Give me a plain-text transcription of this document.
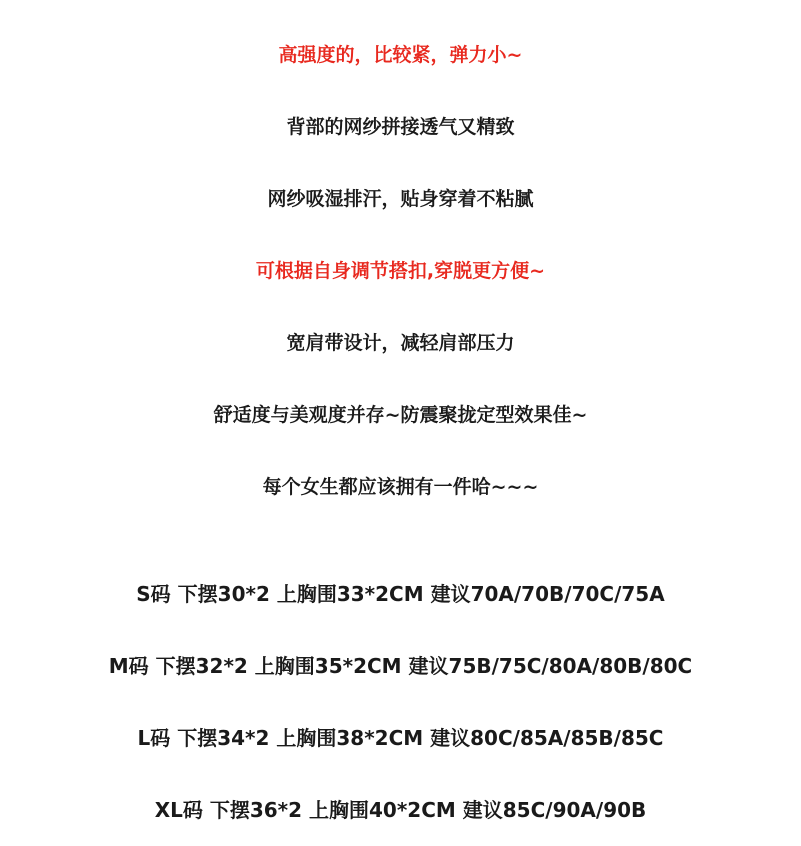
高强度的，比较紧，弹力小~
背部的网纱拼接透气又精致
网纱吸湿排汗，贴身穿着不粘腻
可根据自身调节搭扣,穿脱更方便~
宽肩带设计，减轻肩部压力
舒适度与美观度并存~防震聚拢定型效果佳~
每个女生都应该拥有一件哈~~~
S码 下摆30*2 上胸围33*2CM 建议70A/70B/70C/75A
M码 下摆32*2 上胸围35*2CM 建议75B/75C/80A/80B/80C
L码 下摆34*2 上胸围38*2CM 建议80C/85A/85B/85C
XL码 下摆36*2 上胸围40*2CM 建议85C/90A/90B
